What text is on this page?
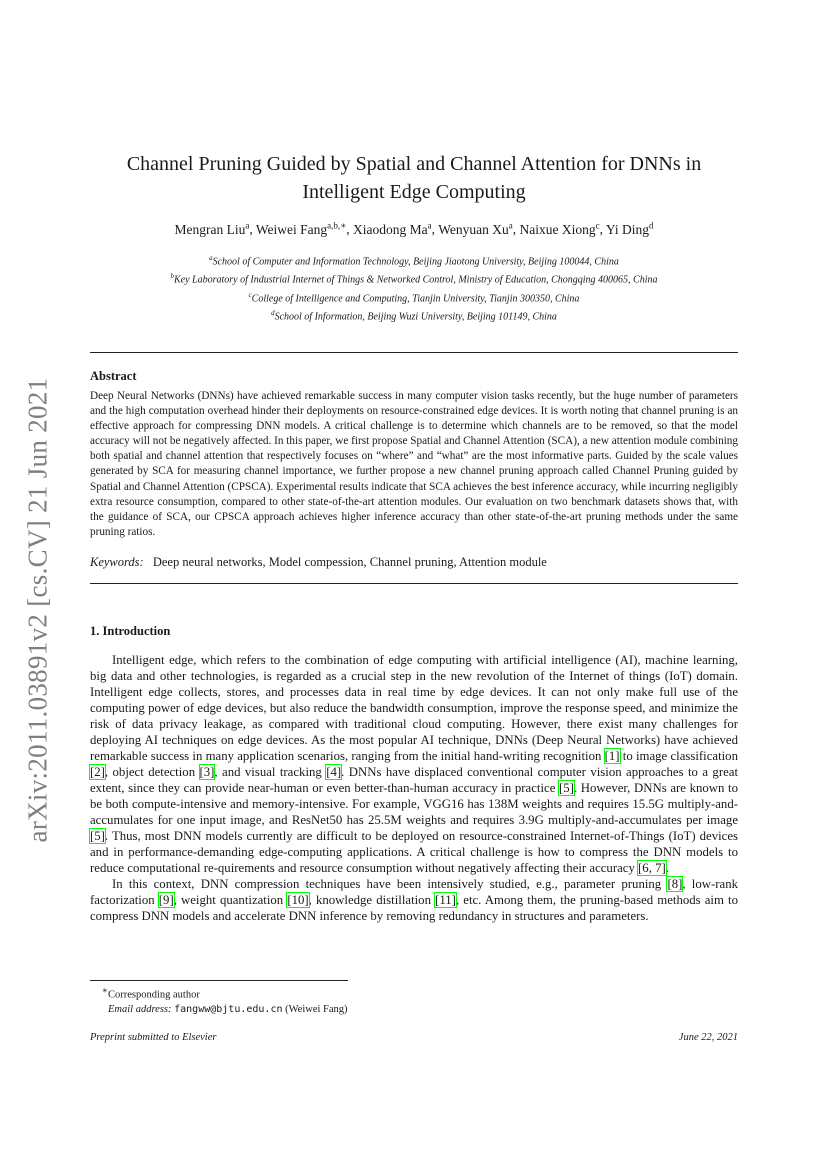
arXiv:2011.03891v2 [cs.CV] 21 Jun 2021
Channel Pruning Guided by Spatial and Channel Attention for DNNs in
Intelligent Edge Computing
Mengran Liu$^a$, Weiwei Fang$^{a,b,∗}$, Xiaodong Ma$^a$, Wenyuan Xu$^a$, Naixue Xiong$^c$, Yi Ding$^d$
$^a$School of Computer and Information Technology, Beijing Jiaotong University, Beijing 100044, China
$^b$Key Laboratory of Industrial Internet of Things & Networked Control, Ministry of Education, Chongqing 400065, China
$^c$College of Intelligence and Computing, Tianjin University, Tianjin 300350, China
$^d$School of Information, Beijing Wuzi University, Beijing 101149, China
Abstract
Deep Neural Networks (DNNs) have achieved remarkable success in many computer vision tasks recently, but the huge number of parameters and the high computation overhead hinder their deployments on resource-constrained edge devices. It is worth noting that channel pruning is an effective approach for compressing DNN models. A critical challenge is to determine which channels are to be removed, so that the model accuracy will not be negatively affected. In this paper, we first propose Spatial and Channel Attention (SCA), a new attention module combining both spatial and channel attention that respectively focuses on “where” and “what” are the most informative parts. Guided by the scale values generated by SCA for measuring channel importance, we further propose a new channel pruning approach called Channel Pruning guided by Spatial and Channel Attention (CPSCA). Experimental results indicate that SCA achieves the best inference accuracy, while incurring negligibly extra resource consumption, compared to other state-of-the-art attention modules. Our evaluation on two benchmark datasets shows that, with the guidance of SCA, our CPSCA approach achieves higher inference accuracy than other state-of-the-art pruning methods under the same pruning ratios.
Keywords: Deep neural networks, Model compession, Channel pruning, Attention module
1. Introduction

Intelligent edge, which refers to the combination of edge computing with artificial intelligence (AI), machine learning, big data and other technologies, is regarded as a crucial step in the new revolution of the Internet of things (IoT) domain. Intelligent edge collects, stores, and processes data in real time by edge devices. It can not only make full use of the computing power of edge devices, but also reduce the bandwidth consumption, improve the response speed, and minimize the risk of data privacy leakage, as compared with traditional cloud computing. However, there exist many challenges for deploying AI techniques on edge devices. As the most popular AI technique, DNNs (Deep Neural Networks) have achieved remarkable success in many application scenarios, ranging from the initial hand-writing recognition [1] to image classification [2], object detection [3], and visual tracking [4]. DNNs have displaced conventional computer vision approaches to a great extent, since they can provide near-human or even better-than-human accuracy in practice [5]. However, DNNs are known to be both compute-intensive and memory-intensive. For example, VGG16 has 138M weights and requires 15.5G multiply-and-accumulates for one input image, and ResNet50 has 25.5M weights and requires 3.9G multiply-and-accumulates per image [5]. Thus, most DNN models currently are difficult to be deployed on resource-constrained Internet-of-Things (IoT) devices and in performance-demanding edge-computing applications. A critical challenge is how to compress the DNN models to reduce computational re-quirements and resource consumption without negatively affecting their accuracy [6, 7].

In this context, DNN compression techniques have been intensively studied, e.g., parameter pruning [8], low-rank factorization [9], weight quantization [10], knowledge distillation [11], etc. Among them, the pruning-based methods aim to compress DNN models and accelerate DNN inference by removing redundancy in structures and parameters.

∗Corresponding author
Email address: fangww@bjtu.edu.cn (Weiwei Fang)
Preprint submitted to Elsevier	June 22, 2021
